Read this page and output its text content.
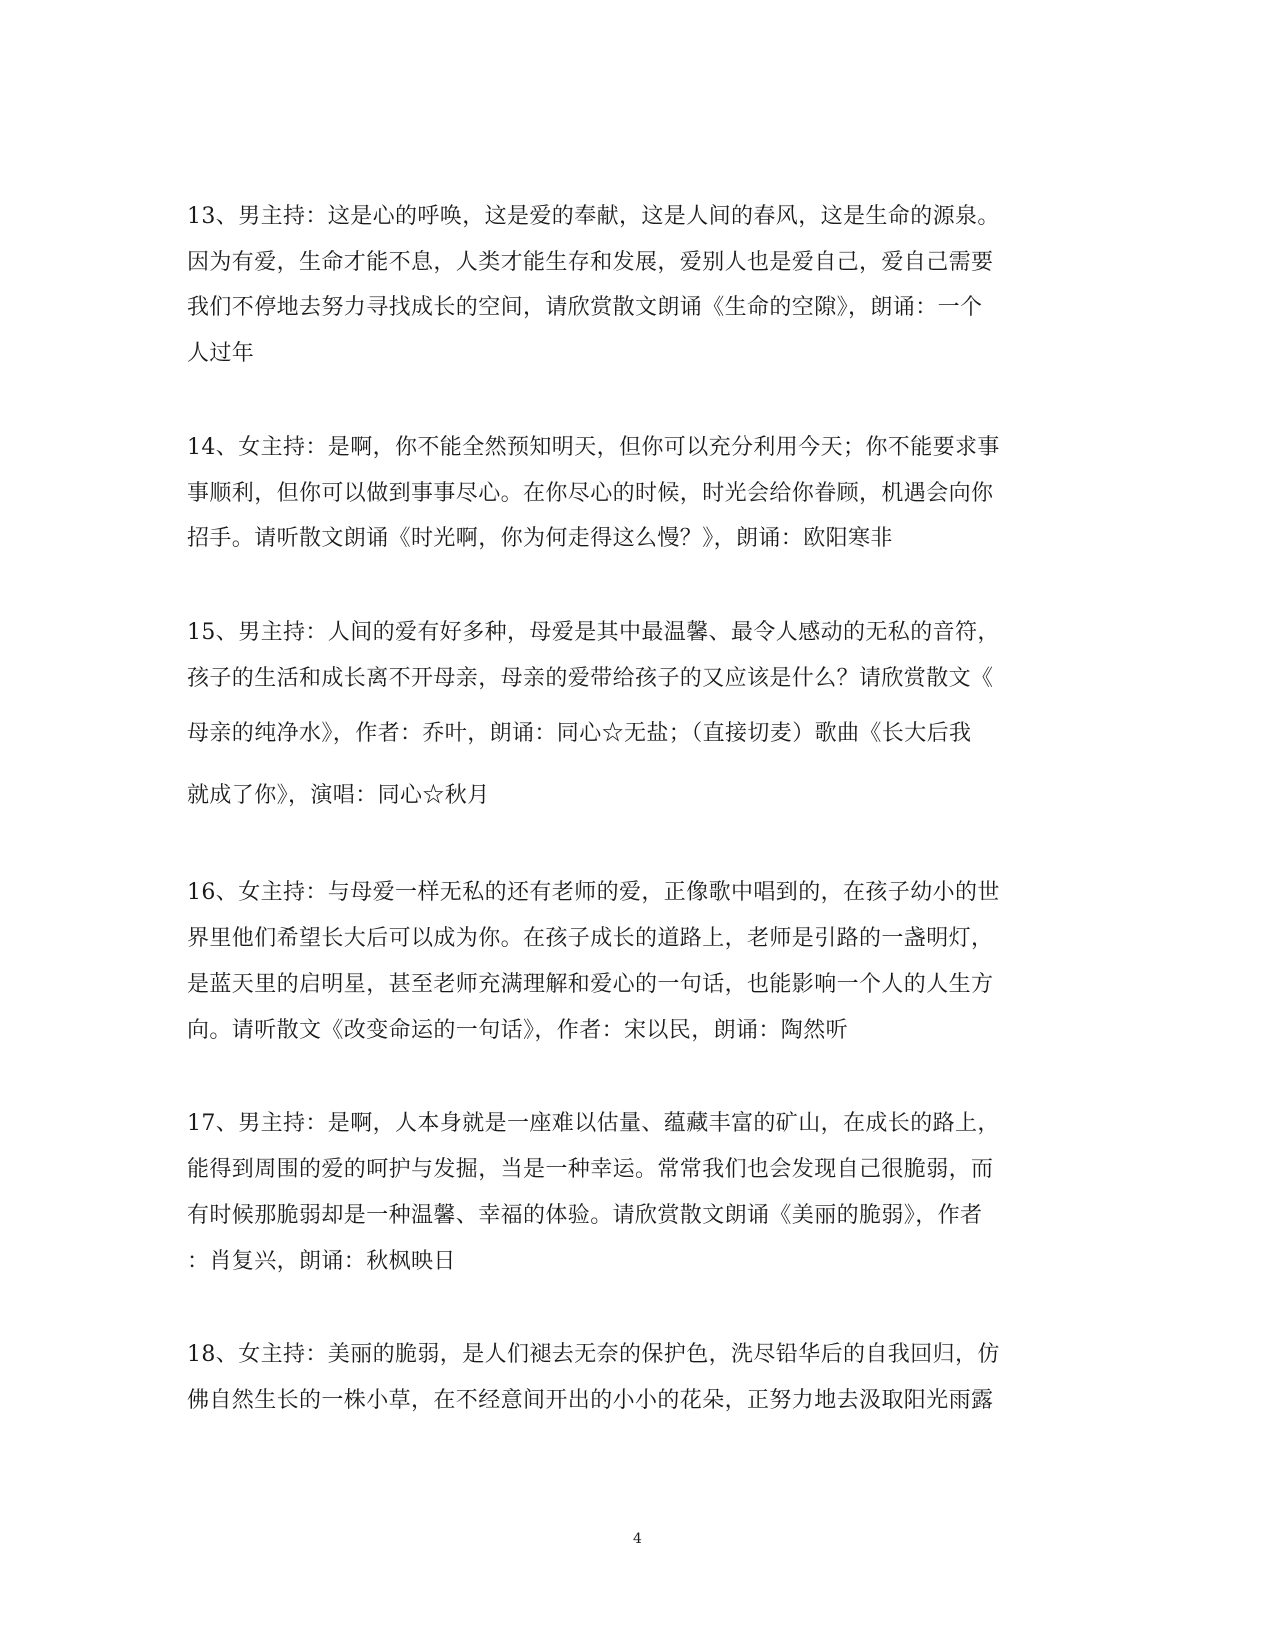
13、男主持：这是心的呼唤，这是爱的奉献，这是人间的春风，这是生命的源泉。
因为有爱，生命才能不息，人类才能生存和发展，爱别人也是爱自己，爱自己需要
我们不停地去努力寻找成长的空间，请欣赏散文朗诵《生命的空隙》，朗诵：一个
人过年
14、女主持：是啊，你不能全然预知明天，但你可以充分利用今天；你不能要求事
事顺利，但你可以做到事事尽心。在你尽心的时候，时光会给你眷顾，机遇会向你
招手。请听散文朗诵《时光啊，你为何走得这么慢？》，朗诵：欧阳寒非
15、男主持：人间的爱有好多种，母爱是其中最温馨、最令人感动的无私的音符，
孩子的生活和成长离不开母亲，母亲的爱带给孩子的又应该是什么？请欣赏散文《
母亲的纯净水》，作者：乔叶，朗诵：同心☆无盐；（直接切麦）歌曲《长大后我
就成了你》，演唱：同心☆秋月
16、女主持：与母爱一样无私的还有老师的爱，正像歌中唱到的，在孩子幼小的世
界里他们希望长大后可以成为你。在孩子成长的道路上，老师是引路的一盏明灯，
是蓝天里的启明星，甚至老师充满理解和爱心的一句话，也能影响一个人的人生方
向。请听散文《改变命运的一句话》，作者：宋以民，朗诵：陶然听
17、男主持：是啊，人本身就是一座难以估量、蕴藏丰富的矿山，在成长的路上，
能得到周围的爱的呵护与发掘，当是一种幸运。常常我们也会发现自己很脆弱，而
有时候那脆弱却是一种温馨、幸福的体验。请欣赏散文朗诵《美丽的脆弱》，作者
：肖复兴，朗诵：秋枫映日
18、女主持：美丽的脆弱，是人们褪去无奈的保护色，洗尽铅华后的自我回归，仿
佛自然生长的一株小草，在不经意间开出的小小的花朵，正努力地去汲取阳光雨露
4
